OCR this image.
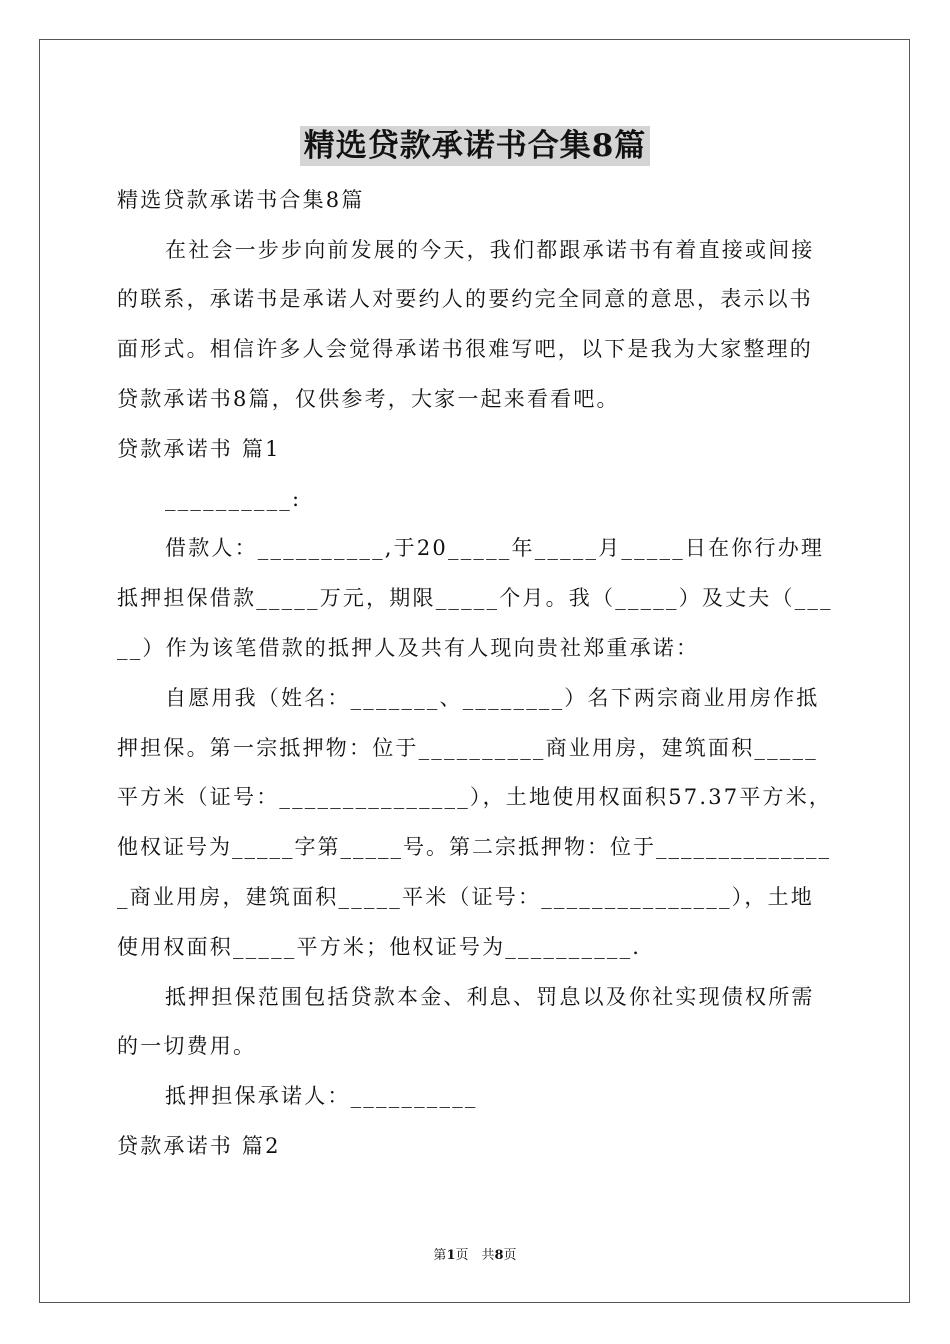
精选贷款承诺书合集8篇
精选贷款承诺书合集8篇
在社会一步步向前发展的今天，我们都跟承诺书有着直接或间接
的联系，承诺书是承诺人对要约人的要约完全同意的意思，表示以书
面形式。相信许多人会觉得承诺书很难写吧，以下是我为大家整理的
贷款承诺书8篇，仅供参考，大家一起来看看吧。
贷款承诺书 篇1
__________:
借款人：__________,于20_____年_____月_____日在你行办理
抵押担保借款_____万元，期限_____个月。我（_____）及丈夫（___
__）作为该笔借款的抵押人及共有人现向贵社郑重承诺：
自愿用我（姓名：_______、________）名下两宗商业用房作抵
押担保。第一宗抵押物：位于__________商业用房，建筑面积_____
平方米（证号：_______________），土地使用权面积57.37平方米，
他权证号为_____字第_____号。第二宗抵押物：位于______________
_商业用房，建筑面积_____平米（证号：_______________），土地
使用权面积_____平方米；他权证号为__________.
抵押担保范围包括贷款本金、利息、罚息以及你社实现债权所需
的一切费用。
抵押担保承诺人：__________
贷款承诺书 篇2
第1页　共8页
